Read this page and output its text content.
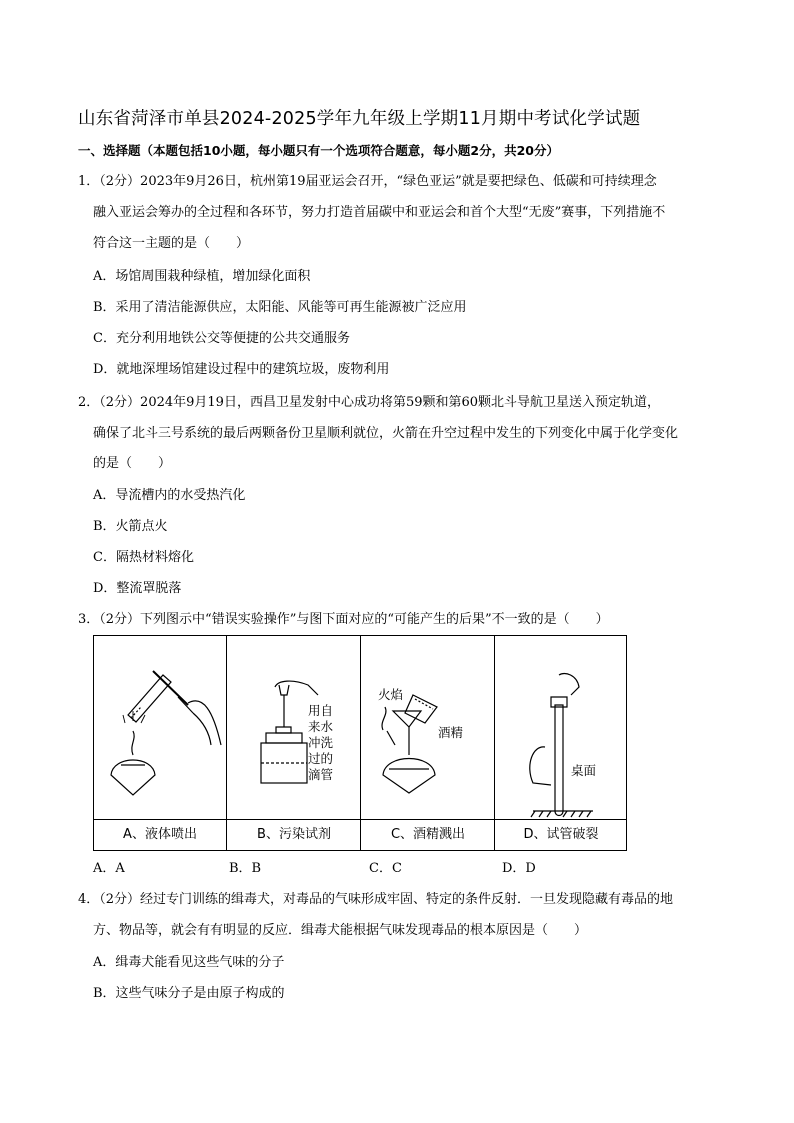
山东省菏泽市单县2024-2025学年九年级上学期11月期中考试化学试题
一、选择题（本题包括10小题，每小题只有一个选项符合题意，每小题2分，共20分）
1．（2分）2023年9月26日，杭州第19届亚运会召开，“绿色亚运”就是要把绿色、低碳和可持续理念
融入亚运会筹办的全过程和各环节，努力打造首届碳中和亚运会和首个大型“无废”赛事，下列措施不
符合这一主题的是（　　）
A．场馆周围栽种绿植，增加绿化面积
B．采用了清洁能源供应，太阳能、风能等可再生能源被广泛应用
C．充分利用地铁公交等便捷的公共交通服务
D．就地深埋场馆建设过程中的建筑垃圾，废物利用
2．（2分）2024年9月19日，西昌卫星发射中心成功将第59颗和第60颗北斗导航卫星送入预定轨道，
确保了北斗三号系统的最后两颗备份卫星顺利就位，火箭在升空过程中发生的下列变化中属于化学变化
的是（　　）
A．导流槽内的水受热汽化
B．火箭点火
C．隔热材料熔化
D．整流罩脱落
3．（2分）下列图示中“错误实验操作”与图下面对应的“可能产生的后果”不一致的是（　　）
用自
来水
冲洗
过的
滴管
火焰
酒精
桌面
A、液体喷出	B、污染试剂	C、酒精溅出	D、试管破裂
A．A	B．B	C．C	D．D
4．（2分）经过专门训练的缉毒犬，对毒品的气味形成牢固、特定的条件反射．一旦发现隐藏有毒品的地
方、物品等，就会有有明显的反应．缉毒犬能根据气味发现毒品的根本原因是（　　）
A．缉毒犬能看见这些气味的分子
B．这些气味分子是由原子构成的
